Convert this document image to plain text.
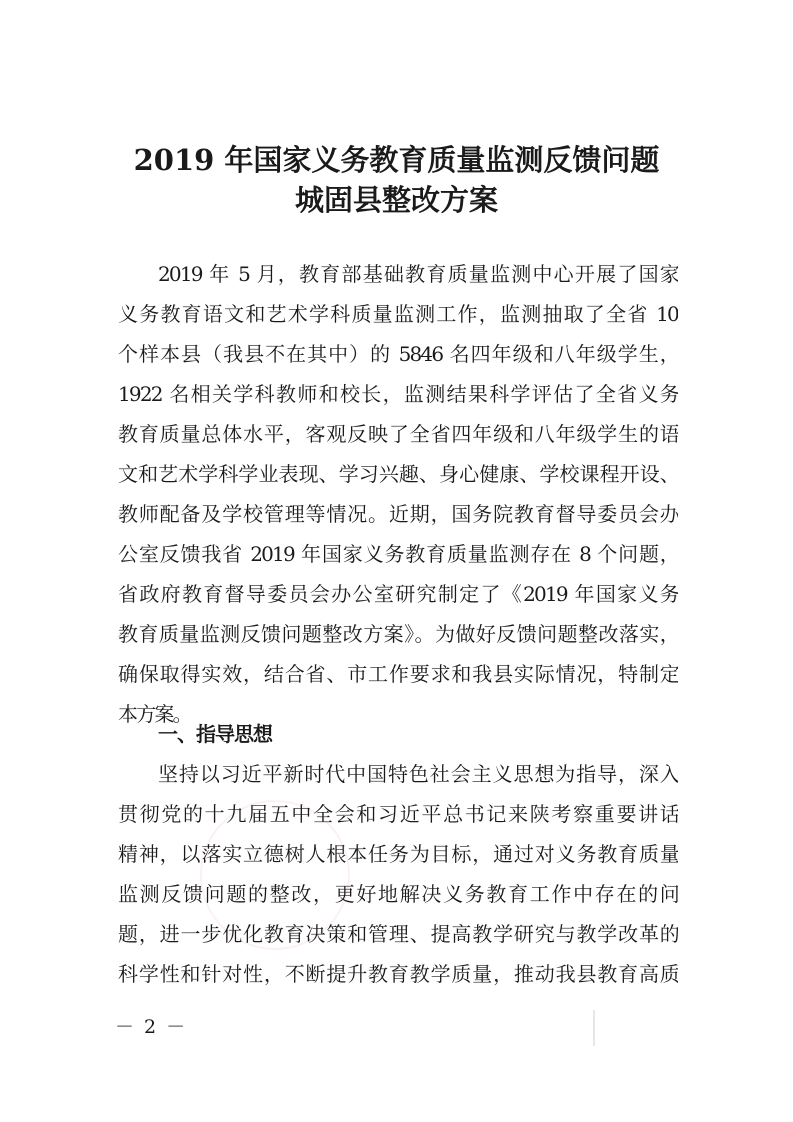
2019 年国家义务教育质量监测反馈问题
城固县整改方案
2019 年 5 月，教育部基础教育质量监测中心开展了国家
义务教育语文和艺术学科质量监测工作，监测抽取了全省 10
个样本县（我县不在其中）的 5846 名四年级和八年级学生，
1922 名相关学科教师和校长，监测结果科学评估了全省义务
教育质量总体水平，客观反映了全省四年级和八年级学生的语
文和艺术学科学业表现、学习兴趣、身心健康、学校课程开设、
教师配备及学校管理等情况。近期，国务院教育督导委员会办
公室反馈我省 2019 年国家义务教育质量监测存在 8 个问题，
省政府教育督导委员会办公室研究制定了《2019 年国家义务
教育质量监测反馈问题整改方案》。为做好反馈问题整改落实，
确保取得实效，结合省、市工作要求和我县实际情况，特制定
本方案。
一、指导思想
坚持以习近平新时代中国特色社会主义思想为指导，深入
贯彻党的十九届五中全会和习近平总书记来陕考察重要讲话
精神，以落实立德树人根本任务为目标，通过对义务教育质量
监测反馈问题的整改，更好地解决义务教育工作中存在的问
题，进一步优化教育决策和管理、提高教学研究与教学改革的
科学性和针对性，不断提升教育教学质量，推动我县教育高质
－ 2 －
